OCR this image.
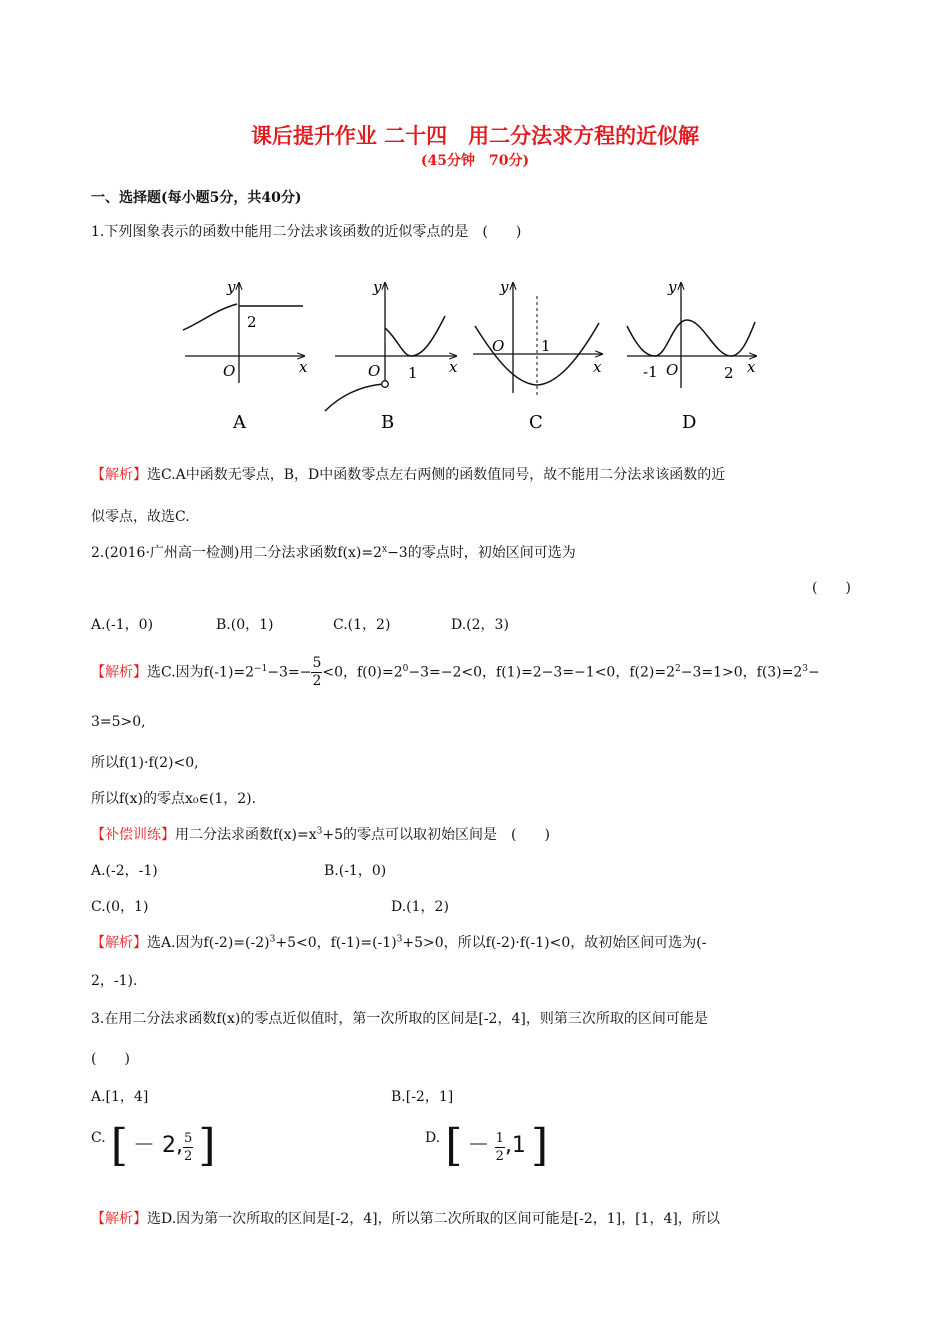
课后提升作业 二十四　用二分法求方程的近似解
(45分钟　70分)
一、选择题(每小题5分，共40分)
1.下列图象表示的函数中能用二分法求该函数的近似零点的是　(　　)
y
2
O	x
A
y
O 1 x
B
y
O 1
x
C
y
-1 O	2 x
D
【解析】选C.A中函数无零点，B，D中函数零点左右两侧的函数值同号，故不能用二分法求该函数的近
似零点，故选C.
2.(2016·广州高一检测)用二分法求函数$f(x)=2^x-3$的零点时，初始区间可选为
(　　)
A.(-1，0)	B.(0，1)	C.(1，2)	D.(2，3)
【解析】选C.因为$f(-1)=2^{-1}-3=- \frac{5}{2} <0$，$f(0)=2^0-3=-2<0$，f(1)=2−3=−1<0，$f(2)=2^2-3=1>0$，$f(3)=2^3-$
3=5>0,
所以f(1)·f(2)<0,
所以f(x)的零点x₀∈(1，2).
【补偿训练】用二分法求函数$f(x)=x^3+5$的零点可以取初始区间是　(　　)
A.(-2，-1)	B.(-1，0)
C.(0，1)	D.(1，2)
【解析】选A.因为$f(-2)=(-2)^3+5<0$，$f(-1)=(-1)^3+5>0$，所以f(-2)·f(-1)<0，故初始区间可选为(-
2，-1).
3.在用二分法求函数f(x)的零点近似值时，第一次所取的区间是[-2，4]，则第三次所取的区间可能是
(　　)
A.[1，4]	B.[-2，1]
C. [ － 2, $\frac{5}{2}$ ]	D. [ － $\frac{1}{2} ,1$ ]
【解析】选D.因为第一次所取的区间是[-2，4]，所以第二次所取的区间可能是[-2，1]，[1，4]，所以
